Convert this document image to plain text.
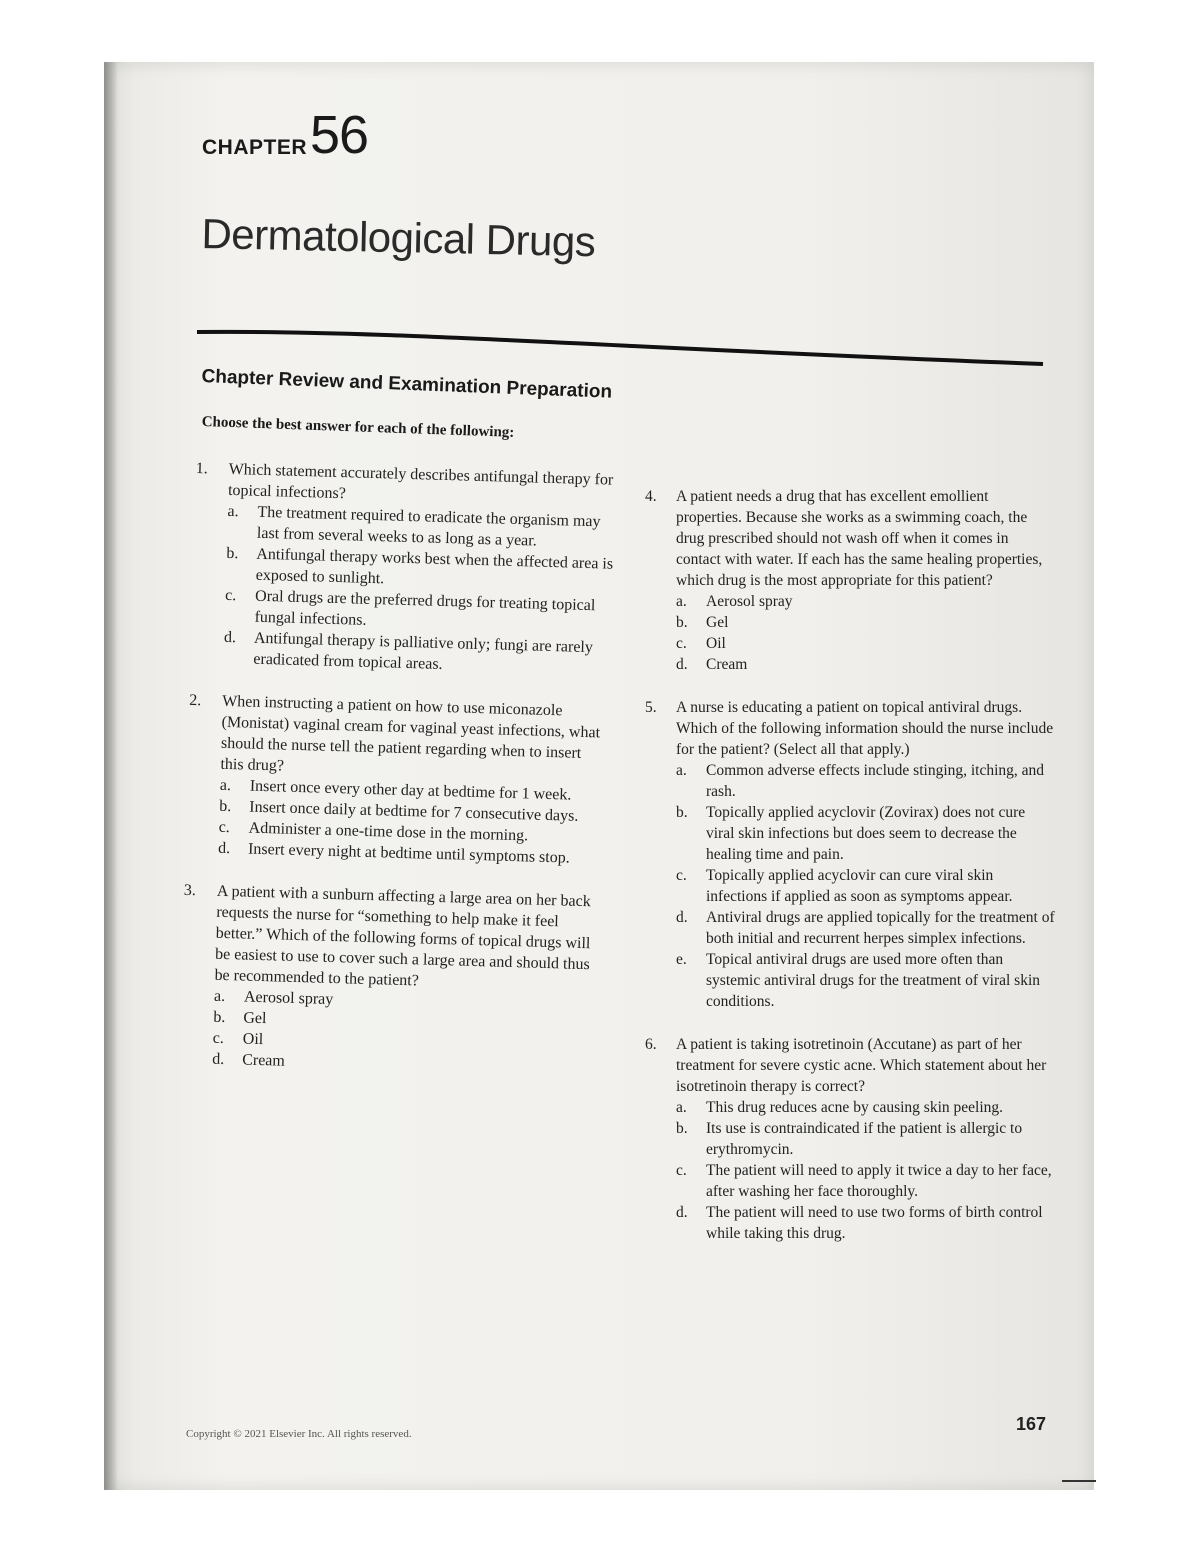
CHAPTER 56
Dermatological Drugs
Chapter Review and Examination Preparation
Choose the best answer for each of the following:
1. Which statement accurately describes antifungal therapy for topical infections?
a. The treatment required to eradicate the organism may last from several weeks to as long as a year.
b. Antifungal therapy works best when the affected area is exposed to sunlight.
c. Oral drugs are the preferred drugs for treating topical fungal infections.
d. Antifungal therapy is palliative only; fungi are rarely eradicated from topical areas.
2. When instructing a patient on how to use miconazole (Monistat) vaginal cream for vaginal yeast infections, what should the nurse tell the patient regarding when to insert this drug?
a. Insert once every other day at bedtime for 1 week.
b. Insert once daily at bedtime for 7 consecutive days.
c. Administer a one-time dose in the morning.
d. Insert every night at bedtime until symptoms stop.
3. A patient with a sunburn affecting a large area on her back requests the nurse for “something to help make it feel better.” Which of the following forms of topical drugs will be easiest to use to cover such a large area and should thus be recommended to the patient?
a. Aerosol spray
b. Gel
c. Oil
d. Cream
4. A patient needs a drug that has excellent emollient properties. Because she works as a swimming coach, the drug prescribed should not wash off when it comes in contact with water. If each has the same healing properties, which drug is the most appropriate for this patient?
a. Aerosol spray
b. Gel
c. Oil
d. Cream
5. A nurse is educating a patient on topical antiviral drugs. Which of the following information should the nurse include for the patient? (Select all that apply.)
a. Common adverse effects include stinging, itching, and rash.
b. Topically applied acyclovir (Zovirax) does not cure viral skin infections but does seem to decrease the healing time and pain.
c. Topically applied acyclovir can cure viral skin infections if applied as soon as symptoms appear.
d. Antiviral drugs are applied topically for the treatment of both initial and recurrent herpes simplex infections.
e. Topical antiviral drugs are used more often than systemic antiviral drugs for the treatment of viral skin conditions.
6. A patient is taking isotretinoin (Accutane) as part of her treatment for severe cystic acne. Which statement about her isotretinoin therapy is correct?
a. This drug reduces acne by causing skin peeling.
b. Its use is contraindicated if the patient is allergic to erythromycin.
c. The patient will need to apply it twice a day to her face, after washing her face thoroughly.
d. The patient will need to use two forms of birth control while taking this drug.
Copyright © 2021 Elsevier Inc. All rights reserved.	167
